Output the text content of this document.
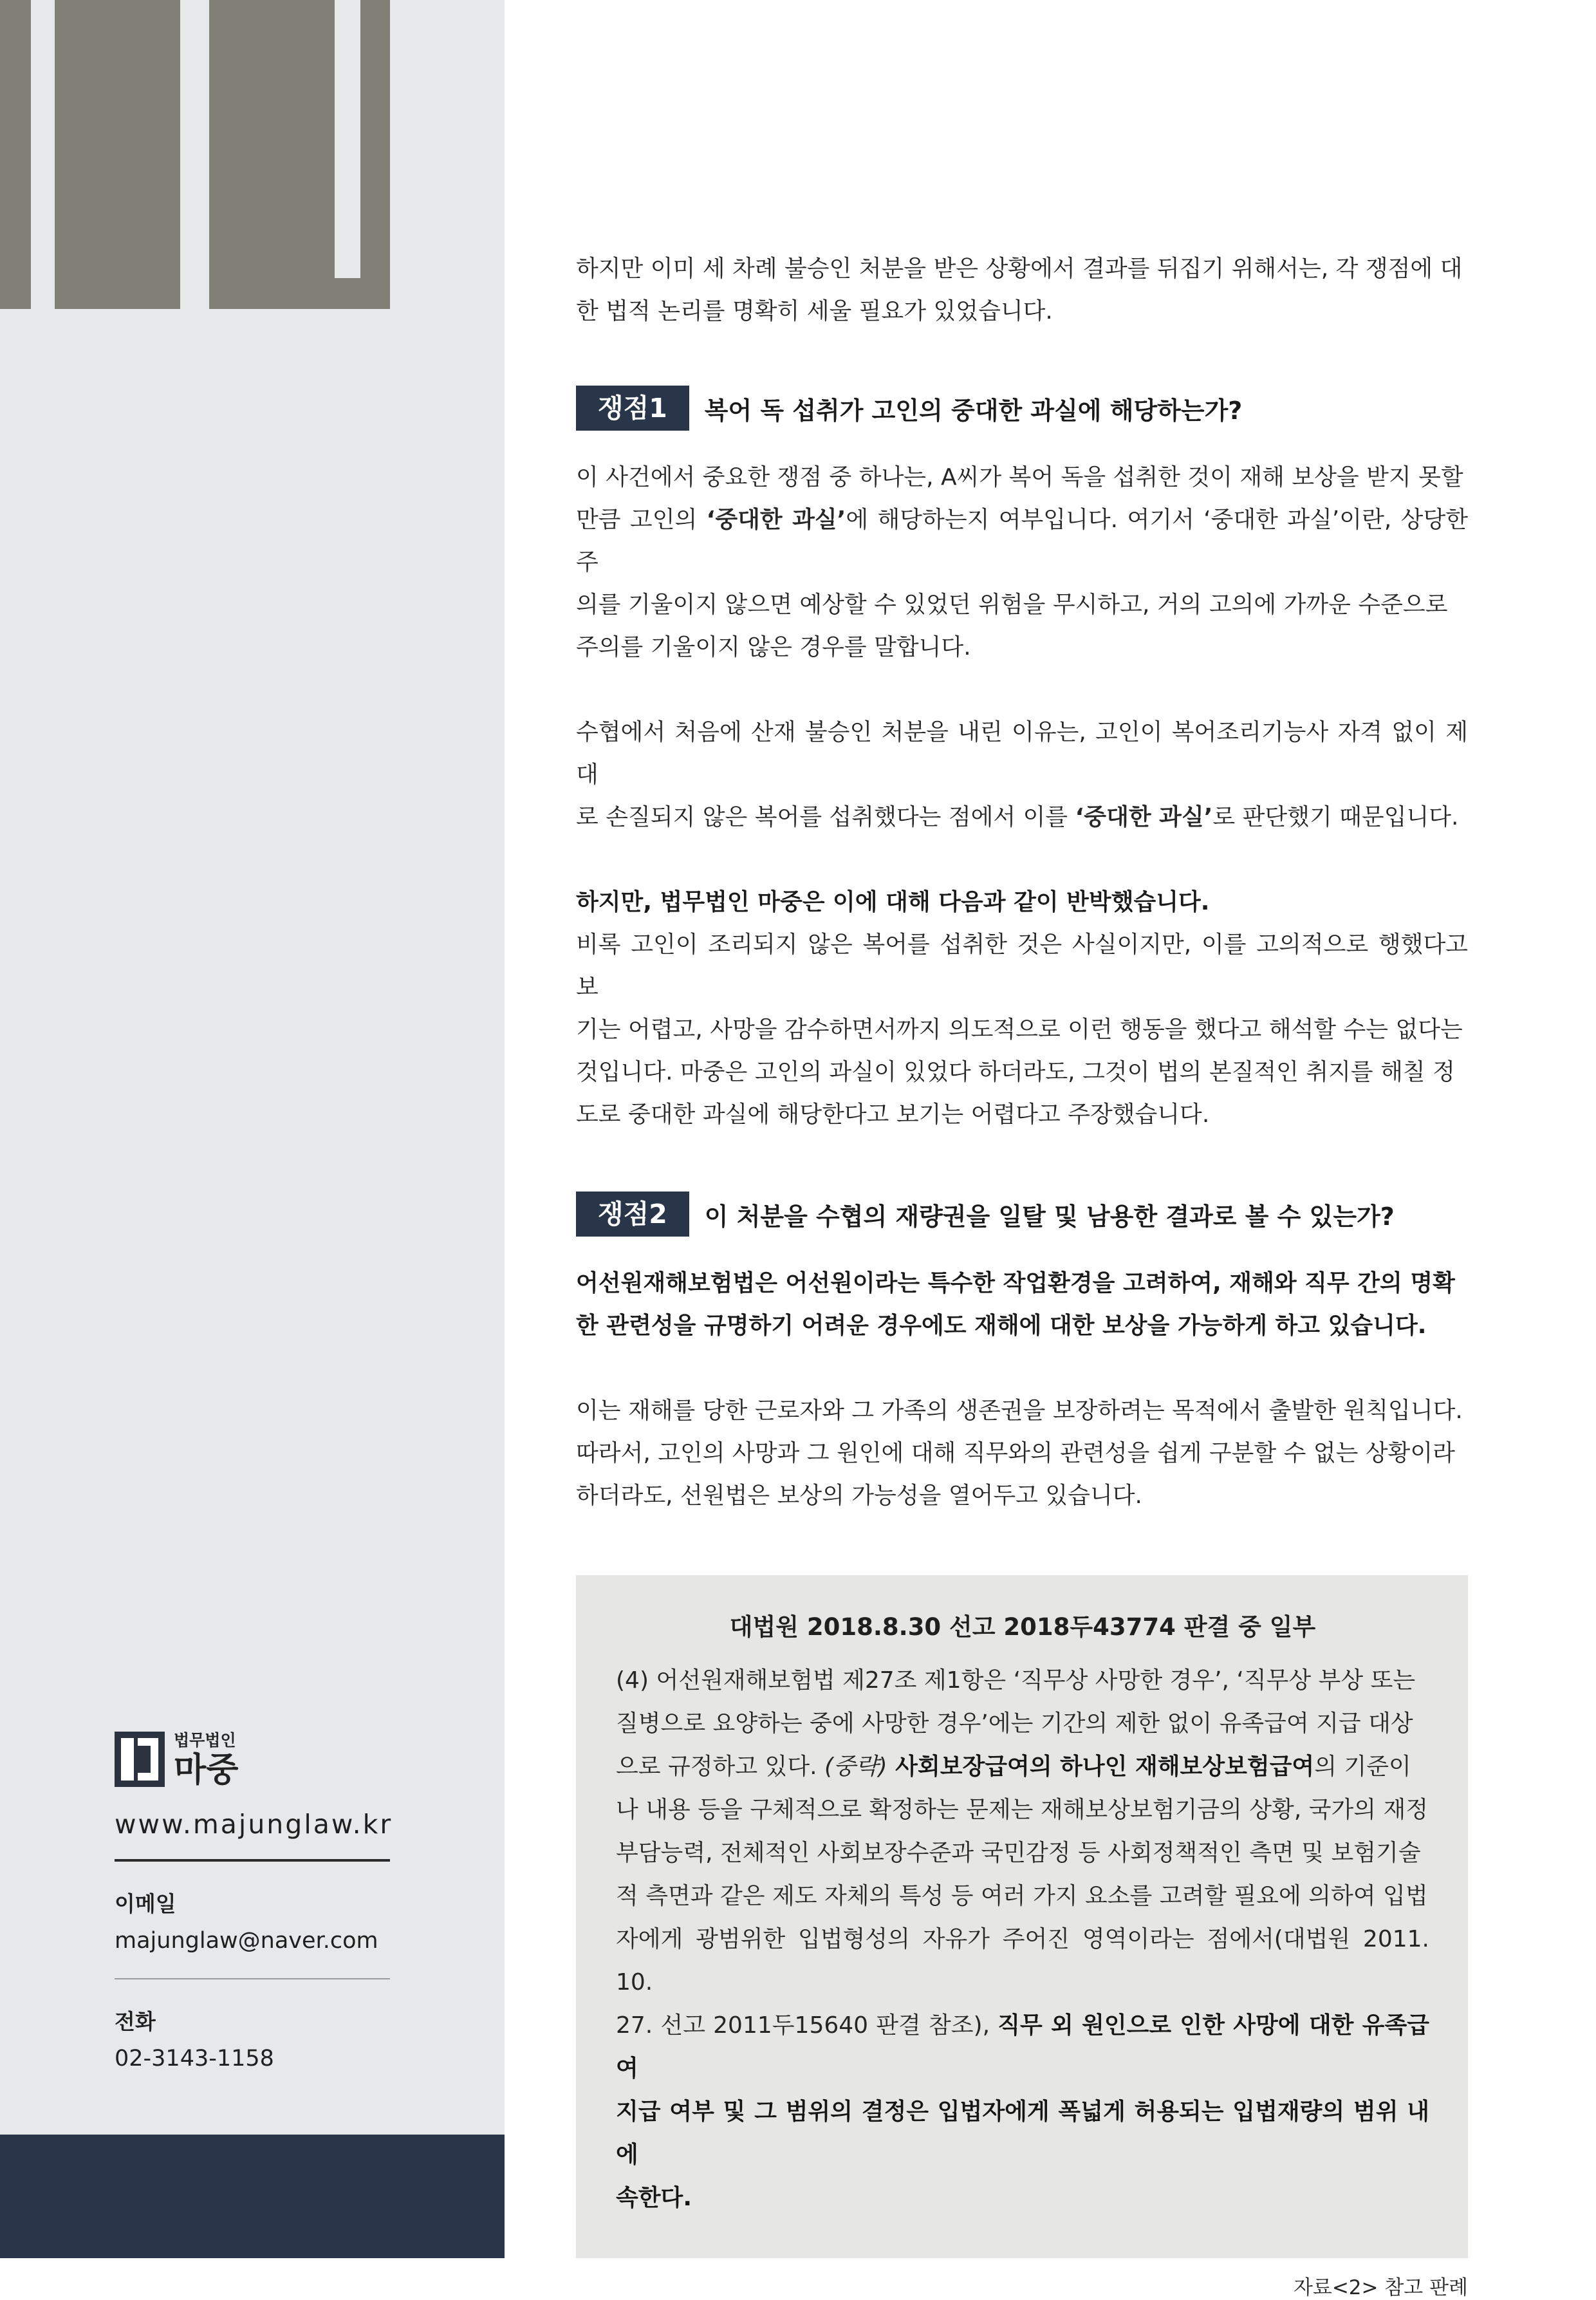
법무법인
마중
www.majunglaw.kr
이메일
majunglaw@naver.com
전화
02-3143-1158

하지만 이미 세 차례 불승인 처분을 받은 상황에서 결과를 뒤집기 위해서는, 각 쟁점에 대

한 법적 논리를 명확히 세울 필요가 있었습니다.

쟁점1	복어 독 섭취가 고인의 중대한 과실에 해당하는가?

이 사건에서 중요한 쟁점 중 하나는, A씨가 복어 독을 섭취한 것이 재해 보상을 받지 못할

만큼 고인의 ‘중대한 과실’에 해당하는지 여부입니다. 여기서 ‘중대한 과실’이란, 상당한 주

의를 기울이지 않으면 예상할 수 있었던 위험을 무시하고, 거의 고의에 가까운 수준으로

주의를 기울이지 않은 경우를 말합니다.

수협에서 처음에 산재 불승인 처분을 내린 이유는, 고인이 복어조리기능사 자격 없이 제대

로 손질되지 않은 복어를 섭취했다는 점에서 이를 ‘중대한 과실’로 판단했기 때문입니다.

하지만, 법무법인 마중은 이에 대해 다음과 같이 반박했습니다.

비록 고인이 조리되지 않은 복어를 섭취한 것은 사실이지만, 이를 고의적으로 행했다고 보

기는 어렵고, 사망을 감수하면서까지 의도적으로 이런 행동을 했다고 해석할 수는 없다는

것입니다. 마중은 고인의 과실이 있었다 하더라도, 그것이 법의 본질적인 취지를 해칠 정

도로 중대한 과실에 해당한다고 보기는 어렵다고 주장했습니다.

쟁점2	이 처분을 수협의 재량권을 일탈 및 남용한 결과로 볼 수 있는가?

어선원재해보험법은 어선원이라는 특수한 작업환경을 고려하여, 재해와 직무 간의 명확

한 관련성을 규명하기 어려운 경우에도 재해에 대한 보상을 가능하게 하고 있습니다.

이는 재해를 당한 근로자와 그 가족의 생존권을 보장하려는 목적에서 출발한 원칙입니다.

따라서, 고인의 사망과 그 원인에 대해 직무와의 관련성을 쉽게 구분할 수 없는 상황이라

하더라도, 선원법은 보상의 가능성을 열어두고 있습니다.

대법원 2018.8.30 선고 2018두43774 판결 중 일부

(4) 어선원재해보험법 제27조 제1항은 ‘직무상 사망한 경우’, ‘직무상 부상 또는

질병으로 요양하는 중에 사망한 경우’에는 기간의 제한 없이 유족급여 지급 대상

으로 규정하고 있다. (중략) 사회보장급여의 하나인 재해보상보험급여의 기준이

나 내용 등을 구체적으로 확정하는 문제는 재해보상보험기금의 상황, 국가의 재정

부담능력, 전체적인 사회보장수준과 국민감정 등 사회정책적인 측면 및 보험기술

적 측면과 같은 제도 자체의 특성 등 여러 가지 요소를 고려할 필요에 의하여 입법

자에게 광범위한 입법형성의 자유가 주어진 영역이라는 점에서(대법원 2011. 10.

27. 선고 2011두15640 판결 참조), 직무 외 원인으로 인한 사망에 대한 유족급여

지급 여부 및 그 범위의 결정은 입법자에게 폭넓게 허용되는 입법재량의 범위 내에

속한다.

자료<2> 참고 판례
